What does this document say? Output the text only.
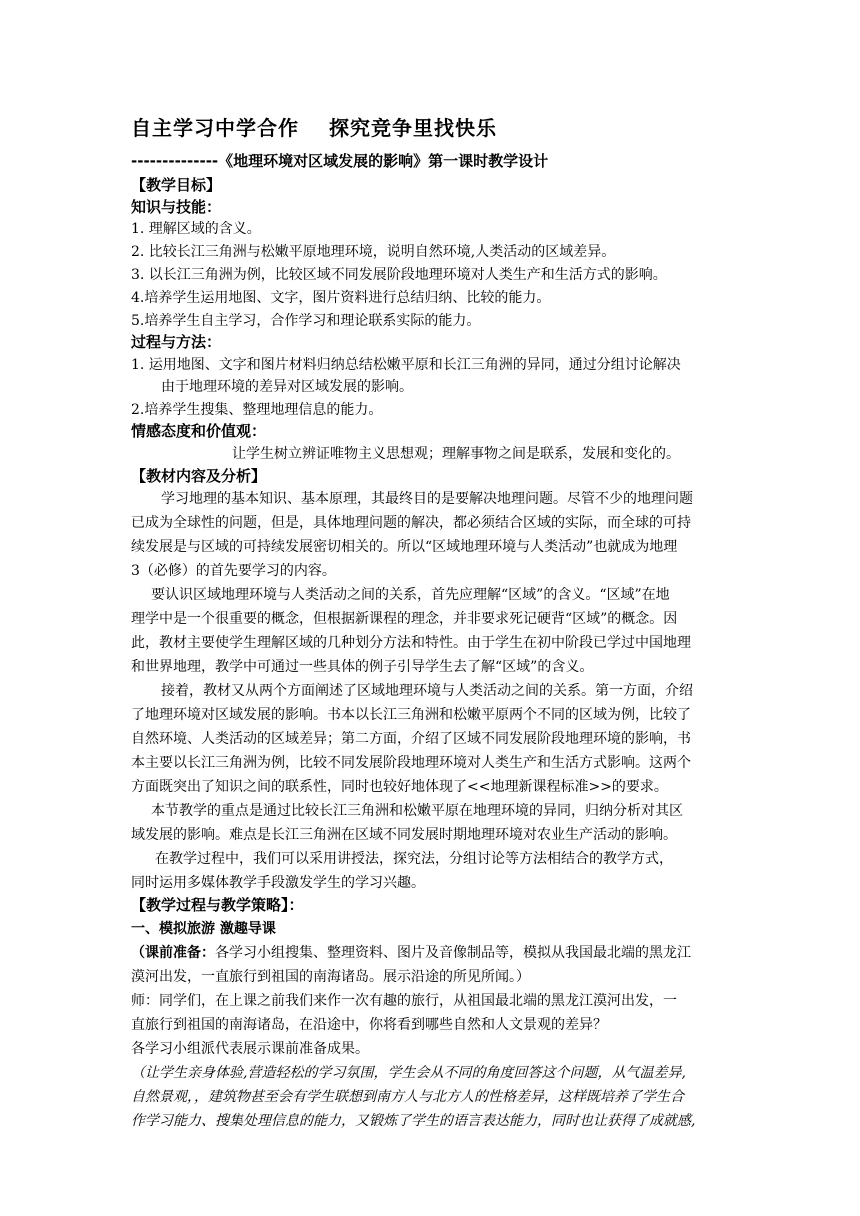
自主学习中学合作 探究竞争里找快乐
--------------《地理环境对区域发展的影响》第一课时教学设计
【教学目标】
知识与技能：
1. 理解区域的含义。
2. 比较长江三角洲与松嫩平原地理环境，说明自然环境,人类活动的区域差异。
3. 以长江三角洲为例，比较区域不同发展阶段地理环境对人类生产和生活方式的影响。
4.培养学生运用地图、文字，图片资料进行总结归纳、比较的能力。
5.培养学生自主学习，合作学习和理论联系实际的能力。
过程与方法：
1. 运用地图、文字和图片材料归纳总结松嫩平原和长江三角洲的异同，通过分组讨论解决
由于地理环境的差异对区域发展的影响。
2.培养学生搜集、整理地理信息的能力。
情感态度和价值观：
让学生树立辨证唯物主义思想观；理解事物之间是联系，发展和变化的。
【教材内容及分析】
学习地理的基本知识、基本原理，其最终目的是要解决地理问题。尽管不少的地理问题
已成为全球性的问题，但是，具体地理问题的解决，都必须结合区域的实际，而全球的可持
续发展是与区域的可持续发展密切相关的。所以“区域地理环境与人类活动”也就成为地理
3（必修）的首先要学习的内容。
要认识区域地理环境与人类活动之间的关系，首先应理解“区域”的含义。“区域”在地
理学中是一个很重要的概念，但根据新课程的理念，并非要求死记硬背“区域”的概念。因
此，教材主要使学生理解区域的几种划分方法和特性。由于学生在初中阶段已学过中国地理
和世界地理，教学中可通过一些具体的例子引导学生去了解“区域”的含义。
接着，教材又从两个方面阐述了区域地理环境与人类活动之间的关系。第一方面，介绍
了地理环境对区域发展的影响。书本以长江三角洲和松嫩平原两个不同的区域为例，比较了
自然环境、人类活动的区域差异；第二方面，介绍了区域不同发展阶段地理环境的影响，书
本主要以长江三角洲为例，比较不同发展阶段地理环境对人类生产和生活方式影响。这两个
方面既突出了知识之间的联系性，同时也较好地体现了<<地理新课程标准>>的要求。
本节教学的重点是通过比较长江三角洲和松嫩平原在地理环境的异同，归纳分析对其区
域发展的影响。难点是长江三角洲在区域不同发展时期地理环境对农业生产活动的影响。
在教学过程中，我们可以采用讲授法，探究法，分组讨论等方法相结合的教学方式，
同时运用多媒体教学手段激发学生的学习兴趣。
【教学过程与教学策略】：
一、模拟旅游 激趣导课
（课前准备：各学习小组搜集、整理资料、图片及音像制品等，模拟从我国最北端的黑龙江
漠河出发，一直旅行到祖国的南海诸岛。展示沿途的所见所闻。）
师：同学们，在上课之前我们来作一次有趣的旅行，从祖国最北端的黑龙江漠河出发，一
直旅行到祖国的南海诸岛，在沿途中，你将看到哪些自然和人文景观的差异？
各学习小组派代表展示课前准备成果。
（让学生亲身体验,营造轻松的学习氛围，学生会从不同的角度回答这个问题，从气温差异,
自然景观，，建筑物甚至会有学生联想到南方人与北方人的性格差异，这样既培养了学生合
作学习能力、搜集处理信息的能力，又锻炼了学生的语言表达能力，同时也让获得了成就感,
